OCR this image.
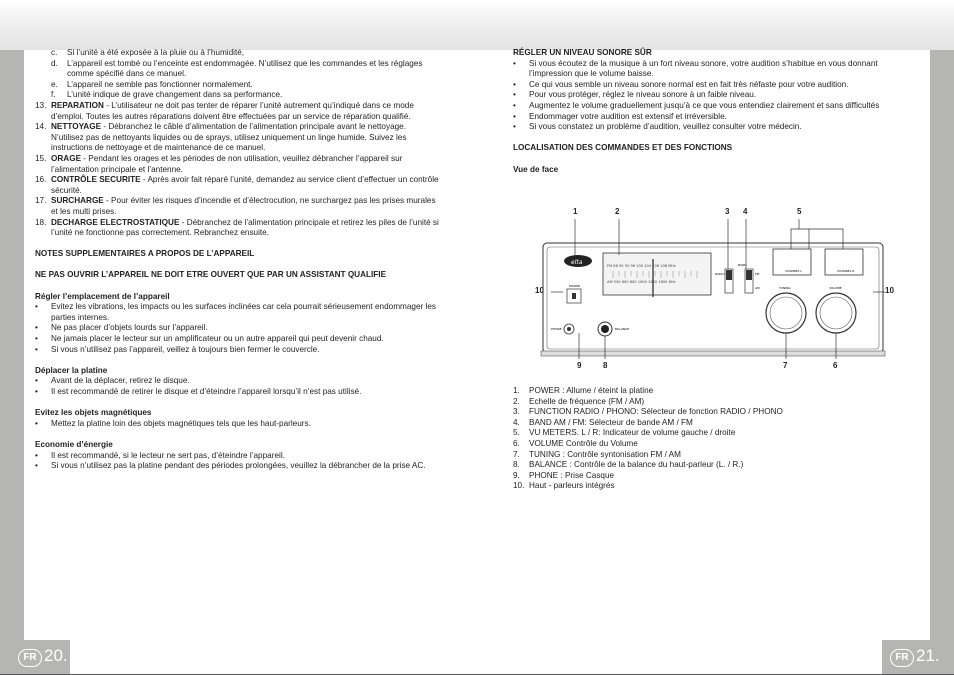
c.	Si l’unité a été exposée à la pluie ou à l’humidité,
d.	L’appareil est tombé ou l’enceinte est endommagée. N’utilisez que les commandes et les réglages comme spécifié dans ce manuel.
e.	L’appareil ne semble pas fonctionner normalement.
f.	L’unité indique de grave changement dans sa performance.
13. REPARATION - L’utilisateur ne doit pas tenter de réparer l’unité autrement qu’indiqué dans ce mode d’emploi. Toutes les autres réparations doivent être effectuées par un service de réparation qualifié.
14. NETTOYAGE - Débranchez le câble d’alimentation de l’alimentation principale avant le nettoyage. N’utilisez pas de nettoyants liquides ou de sprays, utilisez uniquement un linge humide. Suivez les instructions de nettoyage et de maintenance de ce manuel.
15. ORAGE - Pendant les orages et les périodes de non utilisation, veuillez débrancher l’appareil sur l’alimentation principale et l’antenne.
16. CONTRÔLE SECURITE - Après avoir fait réparé l’unité, demandez au service client d’effectuer un contrôle sécurité.
17. SURCHARGE - Pour éviter les risques d’incendie et d’électrocution, ne surchargez pas les prises murales et les multi prises.
18. DECHARGE ELECTROSTATIQUE - Débranchez de l’alimentation principale et retirez les piles de l’unité si l’unité ne fonctionne pas correctement. Rebranchez ensuite.

NOTES SUPPLEMENTAIRES A PROPOS DE L’APPAREIL

NE PAS OUVRIR L’APPAREIL NE DOIT ETRE OUVERT QUE PAR UN ASSISTANT QUALIFIE

Régler l’emplacement de l’appareil

•	Evitez les vibrations, les impacts ou les surfaces inclinées car cela pourrait sérieusement endommager les parties internes.
•	Ne pas placer d’objets lourds sur l’appareil.
•	Ne jamais placer le lecteur sur un amplificateur ou un autre appareil qui peut devenir chaud.
•	Si vous n’utilisez pas l’appareil, veillez à toujours bien fermer le couvercle.

Déplacer la platine

•	Avant de la déplacer, retirez le disque.
•	Il est recommandé de retirer le disque et d’éteindre l’appareil lorsqu’il n’est pas utilisé.

Evitez les objets magnétiques

•	Mettez la platine loin des objets magnétiques tels que les haut-parleurs.

Economie d’énergie

•	Il est recommandé, si le lecteur ne sert pas, d’éteindre l’appareil.
•	Si vous n’utilisez pas la platine pendant des périodes prolongées, veuillez la débrancher de la prise AC.

RÉGLER UN NIVEAU SONORE SÛR

•	Si vous écoutez de la musique à un fort niveau sonore, votre audition s’habitue en vous donnant l’impression que le volume baisse.
•	Ce qui vous semble un niveau sonore normal est en fait très néfaste pour votre audition.
•	Pour vous protéger, réglez le niveau sonore à un faible niveau.
•	Augmentez le volume graduellement jusqu’à ce que vous entendiez clairement et sans difficultés
•	Endommager votre audition est extensif et irréversible.
•	Si vous constatez un problème d’audition, veuillez consulter votre médecin.

LOCALISATION DES COMMANDES ET DES FONCTIONS

Vue de face

elta	FM 88 90 92 96 100 104 106 108 MHz
AM 530 600 800 1000 1300 1600 KHz
RADIO	FM
AM
BAND
CHANNEL L	CHANNEL R
POWER
PHONE	BALANCE
TUNING	VOLUME
1	2	3 4	5
10	10
9	8	7	6
1.	POWER : Allume / éteint la platine
2.	Echelle de fréquence (FM / AM)
3.	FUNCTION RADIO / PHONO: Sélecteur de fonction RADIO / PHONO
4.	BAND AM / FM: Sélecteur de bande AM / FM
5.	VU METERS. L / R: Indicateur de volume gauche / droite
6.	VOLUME Contrôle du Volume
7.	TUNING : Contrôle syntonisation FM / AM
8.	BALANCE : Contrôle de la balance du haut-parleur (L. / R.)
9.	PHONE : Prise Casque
10. Haut - parleurs intégrés
FR 20.	FR 21.
